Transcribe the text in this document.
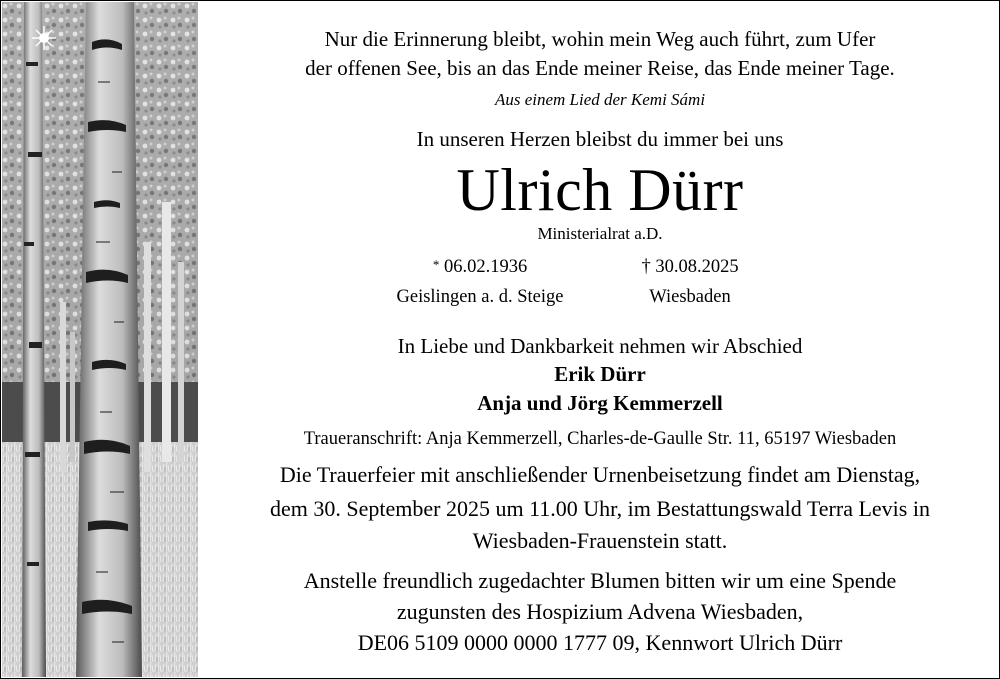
Nur die Erinnerung bleibt, wohin mein Weg auch führt, zum Ufer
der offenen See, bis an das Ende meiner Reise, das Ende meiner Tage.
Aus einem Lied der Kemi Sámi
In unseren Herzen bleibst du immer bei uns
Ulrich Dürr
Ministerialrat a.D.
* 06.02.1936	† 30.08.2025
Geislingen a. d. Steige	Wiesbaden
In Liebe und Dankbarkeit nehmen wir Abschied
Erik Dürr
Anja und Jörg Kemmerzell
Traueranschrift: Anja Kemmerzell, Charles-de-Gaulle Str. 11, 65197 Wiesbaden
Die Trauerfeier mit anschließender Urnenbeisetzung findet am Dienstag,
dem 30. September 2025 um 11.00 Uhr, im Bestattungswald Terra Levis in
Wiesbaden-Frauenstein statt.
Anstelle freundlich zugedachter Blumen bitten wir um eine Spende
zugunsten des Hospizium Advena Wiesbaden,
DE06 5109 0000 0000 1777 09, Kennwort Ulrich Dürr
